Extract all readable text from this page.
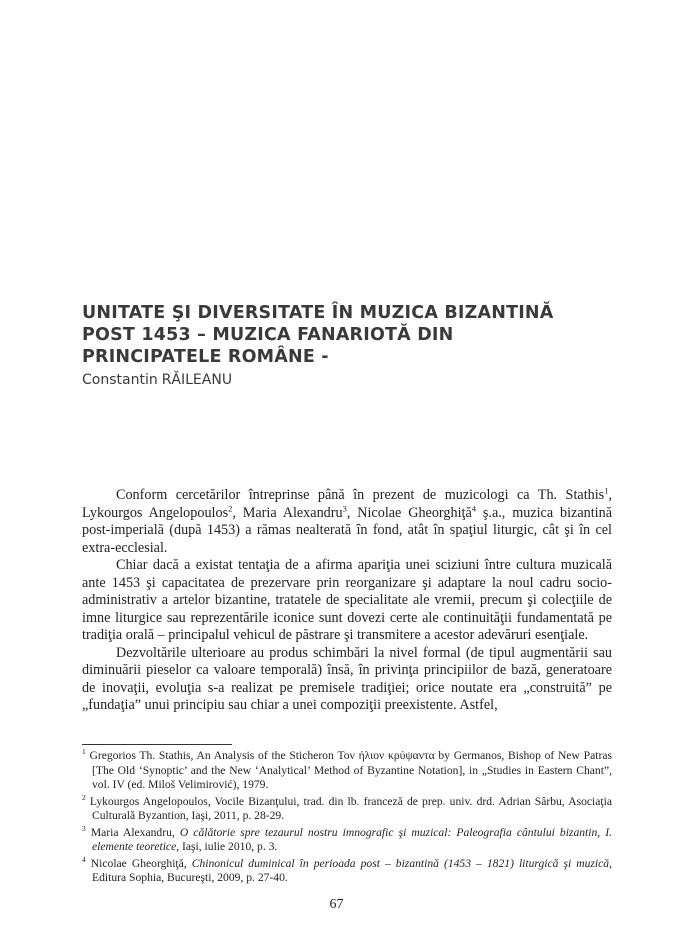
UNITATE ŞI DIVERSITATE ÎN MUZICA BIZANTINĂ
POST 1453 – MUZICA FANARIOTĂ DIN
PRINCIPATELE ROMÂNE -
Constantin RĂILEANU

Conform cercetărilor întreprinse până în prezent de muzicologi ca Th. Stathis$^1$, Lykourgos Angelopoulos$^2$, Maria Alexandru$^3$, Nicolae Gheorghiţă$^4$ ş.a., muzica bizantină post-imperială (după 1453) a rămas nealterată în fond, atât în spaţiul liturgic, cât şi în cel extra-ecclesial.

Chiar dacă a existat tentaţia de a afirma apariţia unei sciziuni între cultura muzicală ante 1453 şi capacitatea de prezervare prin reorganizare şi adaptare la noul cadru socio-administrativ a artelor bizantine, tratatele de specialitate ale vremii, precum şi colecţiile de imne liturgice sau reprezentările iconice sunt dovezi certe ale continuităţii fundamentată pe tradiţia orală – principalul vehicul de păstrare şi transmitere a acestor adevăruri esenţiale.

Dezvoltările ulterioare au produs schimbări la nivel formal (de tipul augmentării sau diminuării pieselor ca valoare temporală) însă, în privinţa principiilor de bază, generatoare de inovaţii, evoluţia s-a realizat pe premisele tradiţiei; orice noutate era „construită” pe „fundaţia” unui principiu sau chiar a unei compoziţii preexistente. Astfel,

$^1$ Gregorios Th. Stathis, An Analysis of the Sticheron Τον ήλιον κρύψαντα by Germanos, Bishop of New Patras [The Old ‘Synoptic’ and the New ‘Analytical’ Method of Byzantine Notation], in „Studies in Eastern Chant”, vol. IV (ed. Miloš Velimirović), 1979.

$^2$ Lykourgos Angelopoulos, Vocile Bizanţului, trad. din lb. franceză de prep. univ. drd. Adrian Sârbu, Asociaţia Culturală Byzantion, Iaşi, 2011, p. 28-29.

$^3$ Maria Alexandru, O călătorie spre tezaurul nostru imnografic şi muzical: Paleografia cântului bizantin, I. elemente teoretice, Iaşi, iulie 2010, p. 3.

$^4$ Nicolae Gheorghiţă, Chinonicul duminical în perioada post – bizantină (1453 – 1821) liturgică şi muzică, Editura Sophia, Bucureşti, 2009, p. 27-40.

67
